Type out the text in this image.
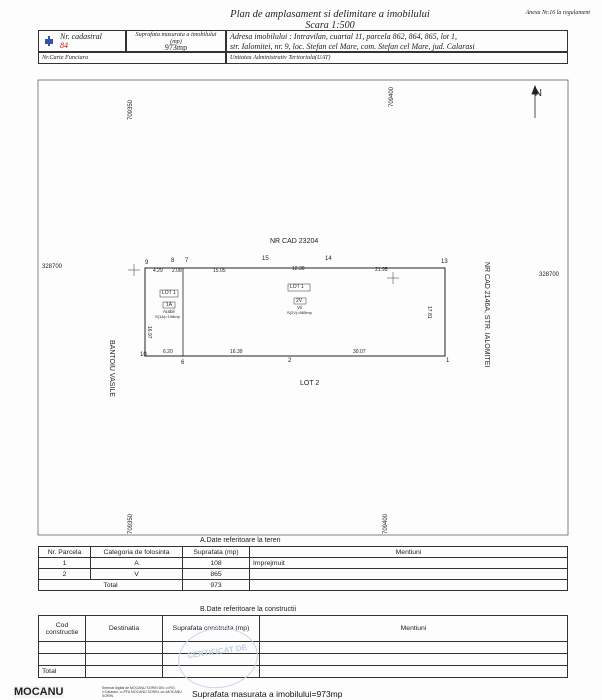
Plan de amplasament si delimitare a imobilului
Scara 1:500
Anexa Nr.16 la regulament
Nr. cadastral
84
Suprafata masurata a imobilului (mp)
973mp
Adresa imobilului : Intravilan, cuartal 11, parcela 862, 864, 865, lot 1,
str. Ialomitei, nr. 9, loc. Stefan cel Mare, com. Stefan cel Mare, jud. Calarasi
Nr.Carte Funciara	Unitatea Administrativ Teritoriala(UAT)
N
709350
709400
709350	709400
328700
328700
NR CAD 23204
BANTOIU VASILE
NR CAD 2146A, STR. IALOMITEI
LOT 2
LOT 1
1A
Arabil
S(1A)=108mp
LOT 1
2V
Vii
S(2V)=865mp
1
2
6
7
8
9
10
13
14
15
4.29 2.08	15.05	12.38	21.95
17.81
16.97
6.20	16.39	30.07
A.Date referitoare la teren
Nr. Parcela	Categoria de folosinta	Suprafata (mp)	Mentiuni
1	A	108	Imprejmuit
2	V	865	
Total		973	
B.Date referitoare la constructii
Cod constructie	Destinatia	Suprafata construita (mp)	Mentiuni

Total			
CERTIFICAT DE
MOCANU	Semnat digital de MOCANU SORIN DN: c=RO, l=Calarasi, o=PFA MOCANU SORIN, cn=MOCANU SORIN	Suprafata masurata a imobilului=973mp
